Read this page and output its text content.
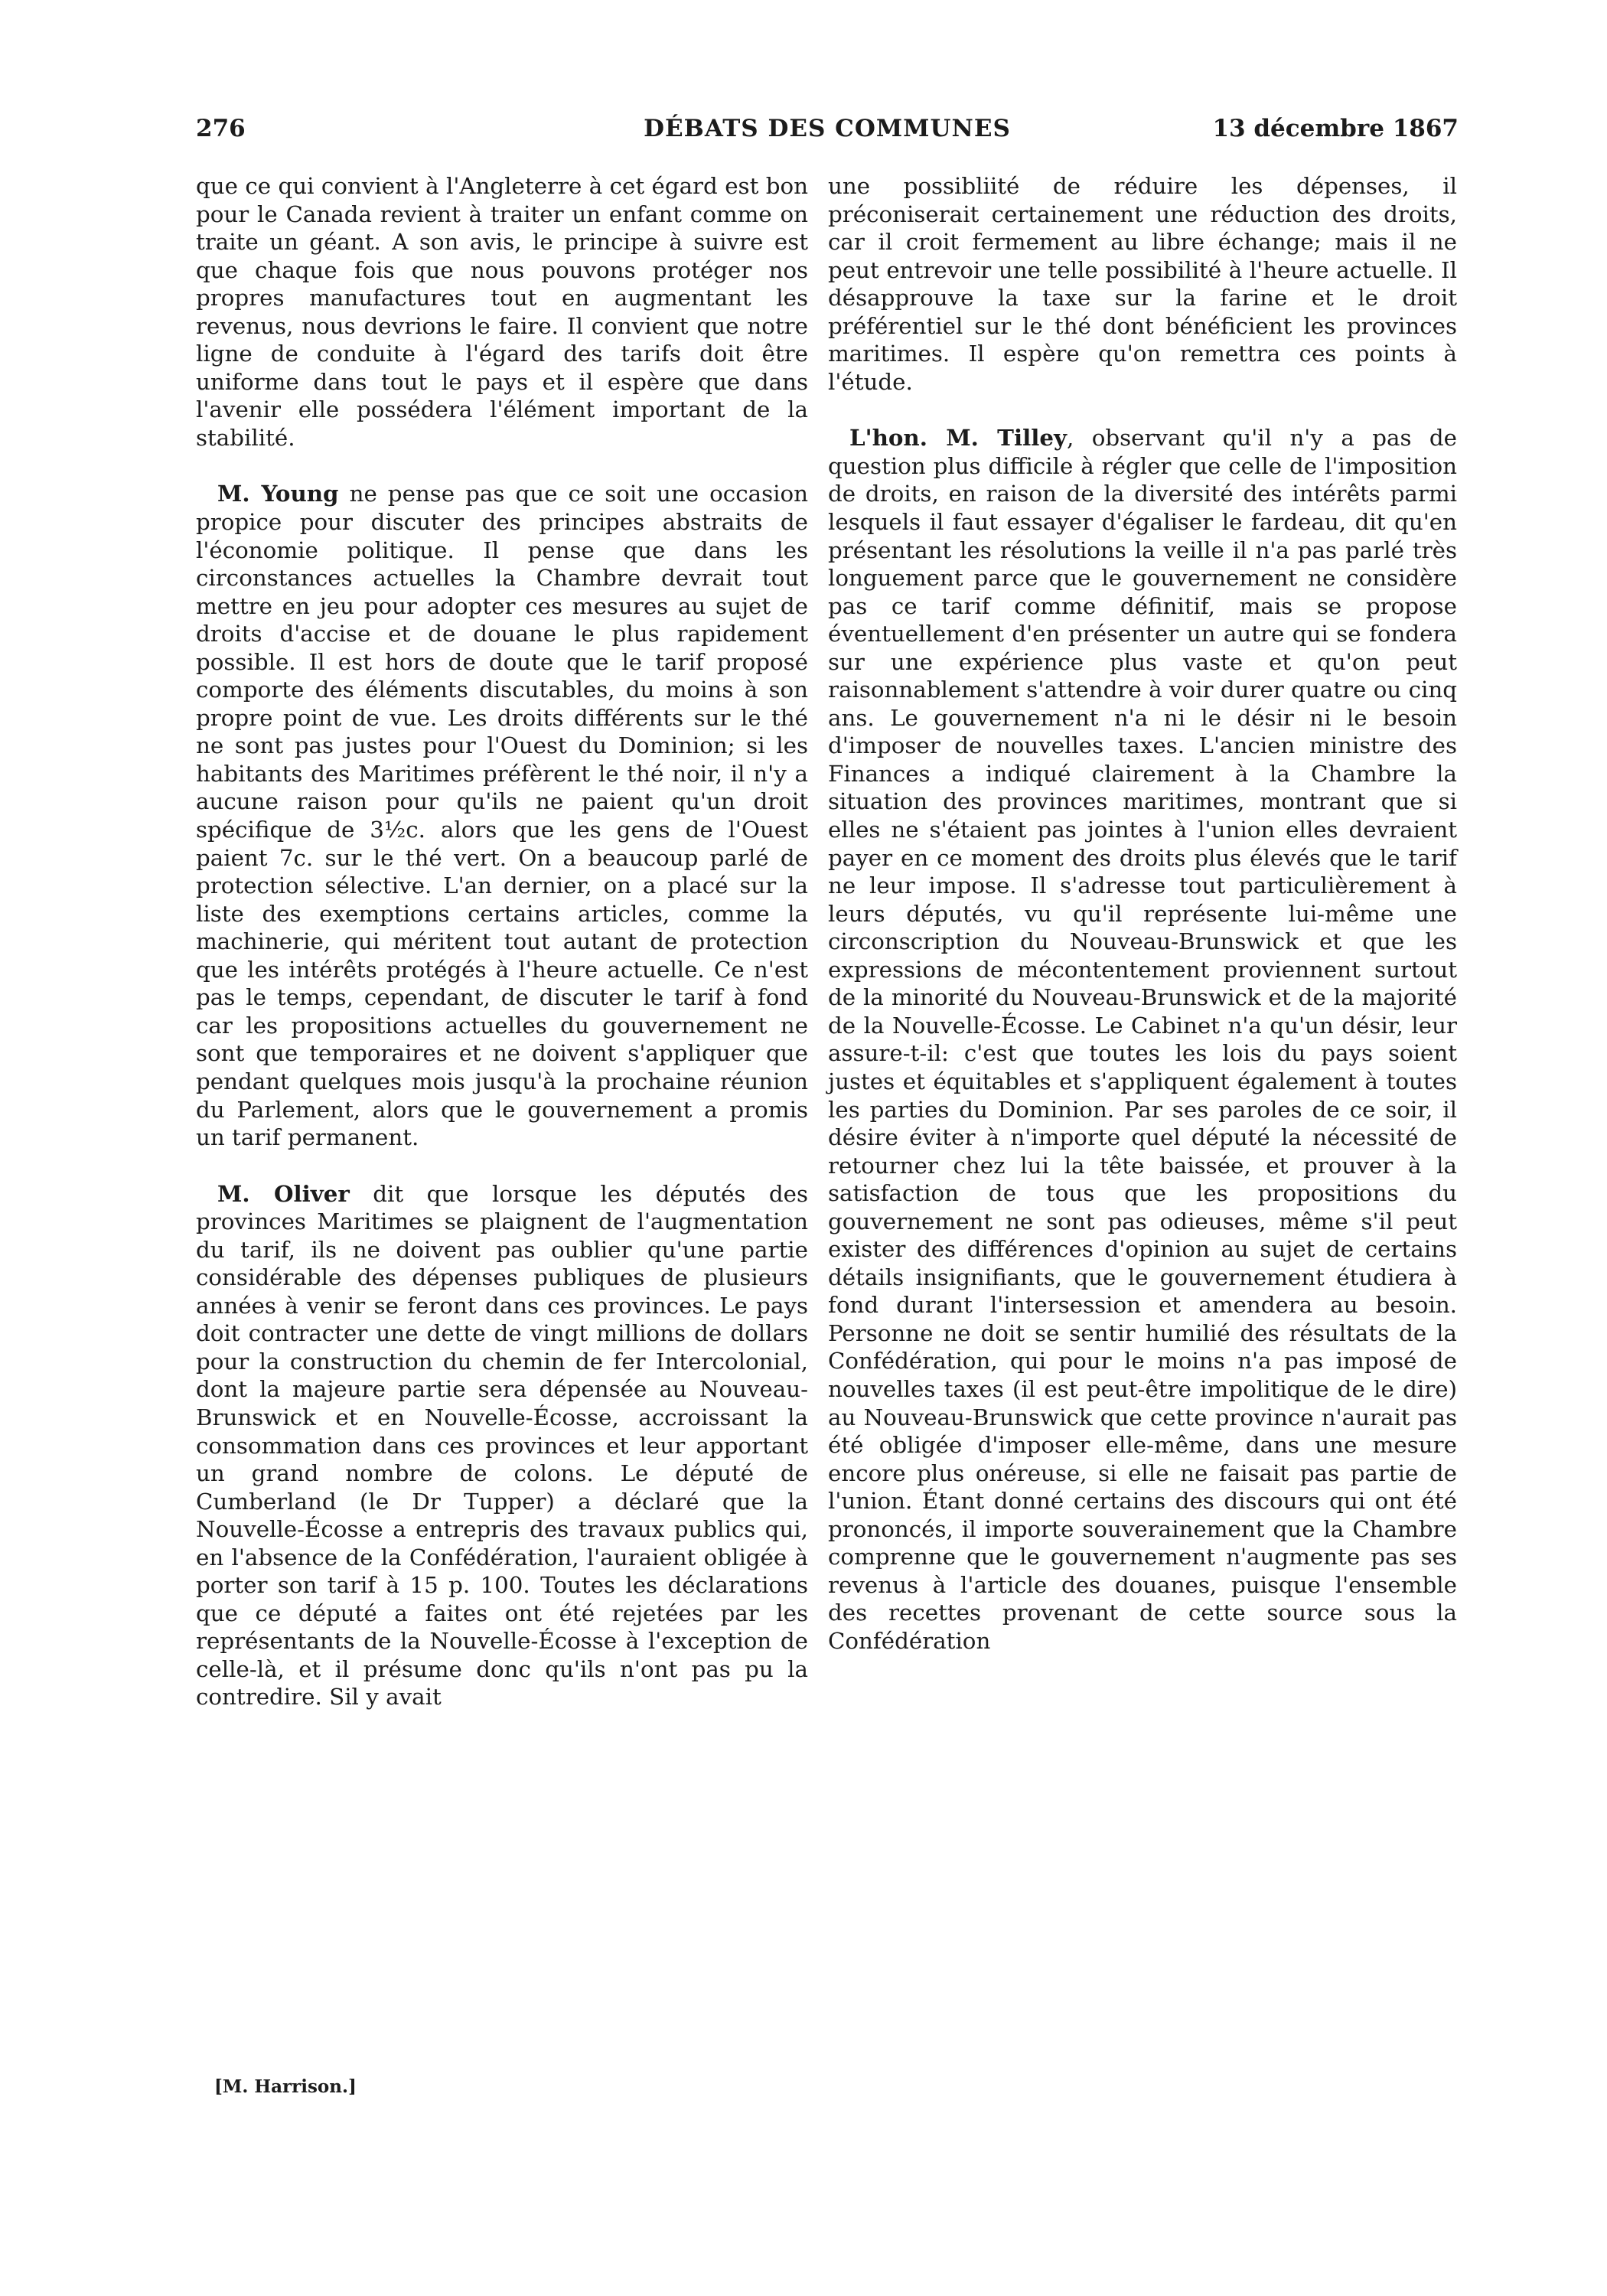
276	DÉBATS DES COMMUNES	13 décembre 1867

que ce qui convient à l'Angleterre à cet égard est bon pour le Canada revient à traiter un enfant comme on traite un géant. A son avis, le principe à suivre est que chaque fois que nous pouvons protéger nos propres manufactures tout en augmentant les revenus, nous devrions le faire. Il convient que notre ligne de conduite à l'égard des tarifs doit être uniforme dans tout le pays et il espère que dans l'avenir elle possédera l'élément important de la stabilité.

M. Young ne pense pas que ce soit une occasion propice pour discuter des principes abstraits de l'économie politique. Il pense que dans les circonstances actuelles la Chambre devrait tout mettre en jeu pour adopter ces mesures au sujet de droits d'accise et de douane le plus rapidement possible. Il est hors de doute que le tarif proposé comporte des éléments discutables, du moins à son propre point de vue. Les droits différents sur le thé ne sont pas justes pour l'Ouest du Dominion; si les habitants des Maritimes préfèrent le thé noir, il n'y a aucune raison pour qu'ils ne paient qu'un droit spécifique de 3½c. alors que les gens de l'Ouest paient 7c. sur le thé vert. On a beaucoup parlé de protection sélective. L'an dernier, on a placé sur la liste des exemptions certains articles, comme la machinerie, qui méritent tout autant de protection que les intérêts protégés à l'heure actuelle. Ce n'est pas le temps, cependant, de discuter le tarif à fond car les propositions actuelles du gouvernement ne sont que temporaires et ne doivent s'appliquer que pendant quelques mois jusqu'à la prochaine réunion du Parlement, alors que le gouvernement a promis un tarif permanent.

M. Oliver dit que lorsque les députés des provinces Maritimes se plaignent de l'augmentation du tarif, ils ne doivent pas oublier qu'une partie considérable des dépenses publiques de plusieurs années à venir se feront dans ces provinces. Le pays doit contracter une dette de vingt millions de dollars pour la construction du chemin de fer Intercolonial, dont la majeure partie sera dépensée au Nouveau-Brunswick et en Nouvelle-Écosse, accroissant la consommation dans ces provinces et leur apportant un grand nombre de colons. Le député de Cumberland (le Dr Tupper) a déclaré que la Nouvelle-Écosse a entrepris des travaux publics qui, en l'absence de la Confédération, l'auraient obligée à porter son tarif à 15 p. 100. Toutes les déclarations que ce député a faites ont été rejetées par les représentants de la Nouvelle-Écosse à l'exception de celle-là, et il présume donc qu'ils n'ont pas pu la contredire. Sil y avait

une possibliité de réduire les dépenses, il préconiserait certainement une réduction des droits, car il croit fermement au libre échange; mais il ne peut entrevoir une telle possibilité à l'heure actuelle. Il désapprouve la taxe sur la farine et le droit préférentiel sur le thé dont bénéficient les provinces maritimes. Il espère qu'on remettra ces points à l'étude.

L'hon. M. Tilley, observant qu'il n'y a pas de question plus difficile à régler que celle de l'imposition de droits, en raison de la diversité des intérêts parmi lesquels il faut essayer d'égaliser le fardeau, dit qu'en présentant les résolutions la veille il n'a pas parlé très longuement parce que le gouvernement ne considère pas ce tarif comme définitif, mais se propose éventuellement d'en présenter un autre qui se fondera sur une expérience plus vaste et qu'on peut raisonnablement s'attendre à voir durer quatre ou cinq ans. Le gouvernement n'a ni le désir ni le besoin d'imposer de nouvelles taxes. L'ancien ministre des Finances a indiqué clairement à la Chambre la situation des provinces maritimes, montrant que si elles ne s'étaient pas jointes à l'union elles devraient payer en ce moment des droits plus élevés que le tarif ne leur impose. Il s'adresse tout particulièrement à leurs députés, vu qu'il représente lui-même une circonscription du Nouveau-Brunswick et que les expressions de mécontentement proviennent surtout de la minorité du Nouveau-Brunswick et de la majorité de la Nouvelle-Écosse. Le Cabinet n'a qu'un désir, leur assure-t-il: c'est que toutes les lois du pays soient justes et équitables et s'appliquent également à toutes les parties du Dominion. Par ses paroles de ce soir, il désire éviter à n'importe quel député la nécessité de retourner chez lui la tête baissée, et prouver à la satisfaction de tous que les propositions du gouvernement ne sont pas odieuses, même s'il peut exister des différences d'opinion au sujet de certains détails insignifiants, que le gouvernement étudiera à fond durant l'intersession et amendera au besoin. Personne ne doit se sentir humilié des résultats de la Confédération, qui pour le moins n'a pas imposé de nouvelles taxes (il est peut-être impolitique de le dire) au Nouveau-Brunswick que cette province n'aurait pas été obligée d'imposer elle-même, dans une mesure encore plus onéreuse, si elle ne faisait pas partie de l'union. Étant donné certains des discours qui ont été prononcés, il importe souverainement que la Chambre comprenne que le gouvernement n'augmente pas ses revenus à l'article des douanes, puisque l'ensemble des recettes provenant de cette source sous la Confédération

[M. Harrison.]
